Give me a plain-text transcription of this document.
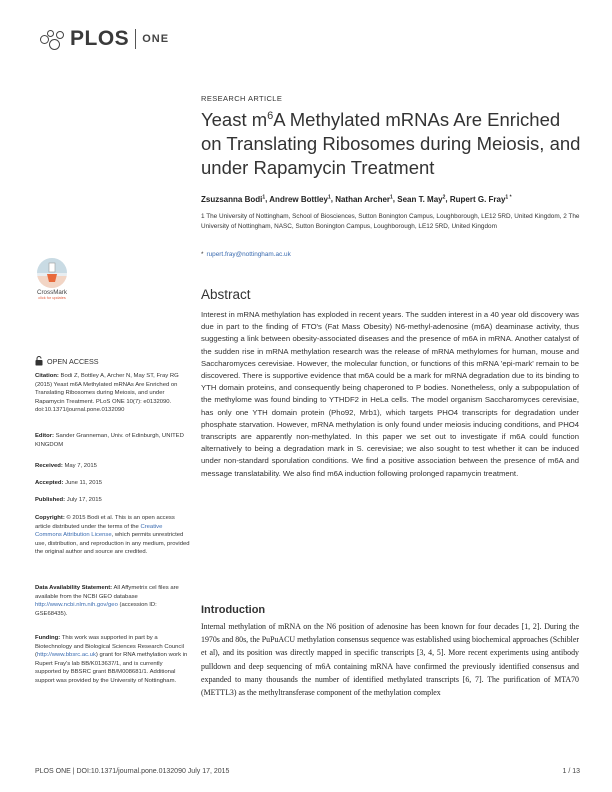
PLOS ONE
RESEARCH ARTICLE
Yeast $m^6A$ Methylated mRNAs Are Enriched on Translating Ribosomes during Meiosis, and under Rapamycin Treatment
Zsuzsanna Bodi$^1$, Andrew Bottley$^1$, Nathan Archer$^1$, Sean T. May$^2$, Rupert G. Fray$^{1 *}$
1 The University of Nottingham, School of Biosciences, Sutton Bonington Campus, Loughborough, LE12 5RD, United Kingdom, 2 The University of Nottingham, NASC, Sutton Bonington Campus, Loughborough, LE12 5RD, United Kingdom
* rupert.fray@nottingham.ac.uk
CrossMark
click for updates
OPEN ACCESS
Citation: Bodi Z, Bottley A, Archer N, May ST, Fray RG (2015) Yeast m6A Methylated mRNAs Are Enriched on Translating Ribosomes during Meiosis, and under Rapamycin Treatment. PLoS ONE 10(7): e0132090. doi:10.1371/journal.pone.0132090
Editor: Sander Granneman, Univ. of Edinburgh, UNITED KINGDOM
Received: May 7, 2015
Accepted: June 11, 2015
Published: July 17, 2015
Copyright: © 2015 Bodi et al. This is an open access article distributed under the terms of the Creative Commons Attribution License, which permits unrestricted use, distribution, and reproduction in any medium, provided the original author and source are credited.
Data Availability Statement: All Affymetrix cel files are available from the NCBI GEO database http://www.ncbi.nlm.nih.gov/geo (accession ID: GSE68435).
Funding: This work was supported in part by a Biotechnology and Biological Sciences Research Council (http://www.bbsrc.ac.uk) grant for RNA methylation work in Rupert Fray's lab BB/K013637/1, and is currently supported by BBSRC grant BB/M008681/1. Additional support was provided by the University of Nottingham.
Abstract
Interest in mRNA methylation has exploded in recent years. The sudden interest in a 40 year old discovery was due in part to the finding of FTO's (Fat Mass Obesity) N6-methyl-adenosine (m6A) deaminase activity, thus suggesting a link between obesity-associated diseases and the presence of m6A in mRNA. Another catalyst of the sudden rise in mRNA methylation research was the release of mRNA methylomes for human, mouse and Saccharomyces cerevisiae. However, the molecular function, or functions of this mRNA 'epi-mark' remain to be discovered. There is supportive evidence that m6A could be a mark for mRNA degradation due to its binding to YTH domain proteins, and consequently being chaperoned to P bodies. Nonetheless, only a subpopulation of the methylome was found binding to YTHDF2 in HeLa cells. The model organism Saccharomyces cerevisiae, has only one YTH domain protein (Pho92, Mrb1), which targets PHO4 transcripts for degradation under phosphate starvation. However, mRNA methylation is only found under meiosis inducing conditions, and PHO4 transcripts are apparently non-methylated. In this paper we set out to investigate if m6A could function alternatively to being a degradation mark in S. cerevisiae; we also sought to test whether it can be induced under non-standard sporulation conditions. We find a positive association between the presence of m6A and message translatability. We also find m6A induction following prolonged rapamycin treatment.
Introduction
Internal methylation of mRNA on the N6 position of adenosine has been known for four decades [1, 2]. During the 1970s and 80s, the PuPuACU methylation consensus sequence was established using biochemical approaches (Schibler et al), and its position was directly mapped in specific transcripts [3, 4, 5]. More recent experiments using antibody pulldown and deep sequencing of m6A containing mRNA have confirmed the previously identified consensus and expanded to many thousands the number of identified methylated transcripts [6, 7]. The purification of MTA70 (METTL3) as the methyltransferase component of the methylation complex
PLOS ONE | DOI:10.1371/journal.pone.0132090 July 17, 2015	1 / 13
